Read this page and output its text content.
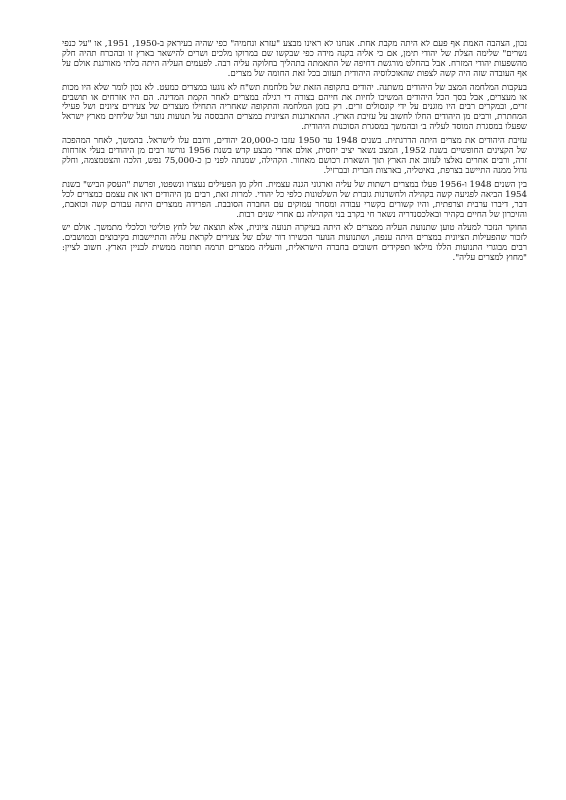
נכון, הצהבה האמת אף פעם לא היתה מקבת אחת. אנחנו לא ראינו מבצע "עזרא ונחמיה" כפי שהיה בעיראק ב-1950, 1951, או "על כנפי נשרים" שלימה הצלת של יהודי תימן, אם כי אליה בקנה מידה כפי שבקשו שם במרוקו מלכים ושרים להישאר בארץ זו ובהכרח תהיה חלק מהשפעות יהודי המזרח. אבל בהחלט מורגשת דחיפה של התאמתה בתהליך בחלוקה עליה רבה. לפעמים העליה היתה בלתי מאורגנת אולם על אף העובדה שזה היה קשה לצפות שהאוכלוסיה היהודית תעזוב בכל זאת החומה של מצרים.

בעקבות המלחמה המצב של היהודים משתנה. יהודים בתקופה הזאת של מלחמת תש"ח לא נוגעו במצרים כמעט. לא נכון לומר שלא היו מכות או מעצרים, אבל בסך הכל היהודים המשיכו לחיות את חייהם בצורה די רגילה במצרים לאחר הקמת המדינה. הם היו אזרחים או תושבים זרים, ובמקרים רבים היו מוגנים על ידי קונסולים זרים. רק בזמן המלחמה והתקופה שאחריה התחילו מעצרים של צעירים ציונים ושל פעילי המחתרת, ורבים מן היהודים החלו לחשוב על עזיבת הארץ. ההתארגנות הציונית במצרים התבססה על תנועות נוער ועל שליחים מארץ ישראל שפעלו במסגרת המוסד לעליה ב׳ ובהמשך במסגרת הסוכנות היהודית.

עזיבת היהודים את מצרים היתה הדרגתית. בשנים 1948 עד 1950 עזבו כ-20,000 יהודים, ורובם עלו לישראל. בהמשך, לאחר המהפכה של הקצינים החופשיים בשנת 1952, המצב נשאר יציב יחסית, אולם אחרי מבצע קדש בשנת 1956 גורשו רבים מן היהודים בעלי אזרחות זרה, ורבים אחרים נאלצו לעזוב את הארץ תוך השארת רכושם מאחור. הקהילה, שמנתה לפני כן כ-75,000 נפש, הלכה והצטמצמה, וחלק גדול ממנה התיישב בצרפת, באיטליה, בארצות הברית ובברזיל.

בין השנים 1948 ו-1956 פעלו במצרים רשתות של עליה וארגוני הגנה עצמית. חלק מן הפעילים נעצרו ונשפטו, ופרשת "העסק הביש" בשנת 1954 הביאה לפגיעה קשה בקהילה ולחשדנות גוברת של השלטונות כלפי כל יהודי. למרות זאת, רבים מן היהודים ראו את עצמם כמצרים לכל דבר, דיברו ערבית וצרפתית, והיו קשורים בקשרי עבודה ומסחר עמוקים עם החברה הסובבת. הפרידה ממצרים היתה עבורם קשה וכואבת, והזיכרון של החיים בקהיר ובאלכסנדריה נשאר חי בקרב בני הקהילה גם אחרי שנים רבות.

החוקר הנזכר למעלה טוען שתנועת העליה ממצרים לא היתה בעיקרה תנועה ציונית, אלא תוצאה של לחץ פוליטי וכלכלי מתמשך. אולם יש לזכור שהפעילות הציונית במצרים היתה ענפה, ושתנועות הנוער הכשירו דור שלם של צעירים לקראת עליה והתיישבות בקיבוצים ובמושבים. רבים מבוגרי התנועות הללו מילאו תפקידים חשובים בחברה הישראלית, והעליה ממצרים תרמה תרומה ממשית לבניין הארץ. חשוב לציין: "מחוץ למצרים עליה".
